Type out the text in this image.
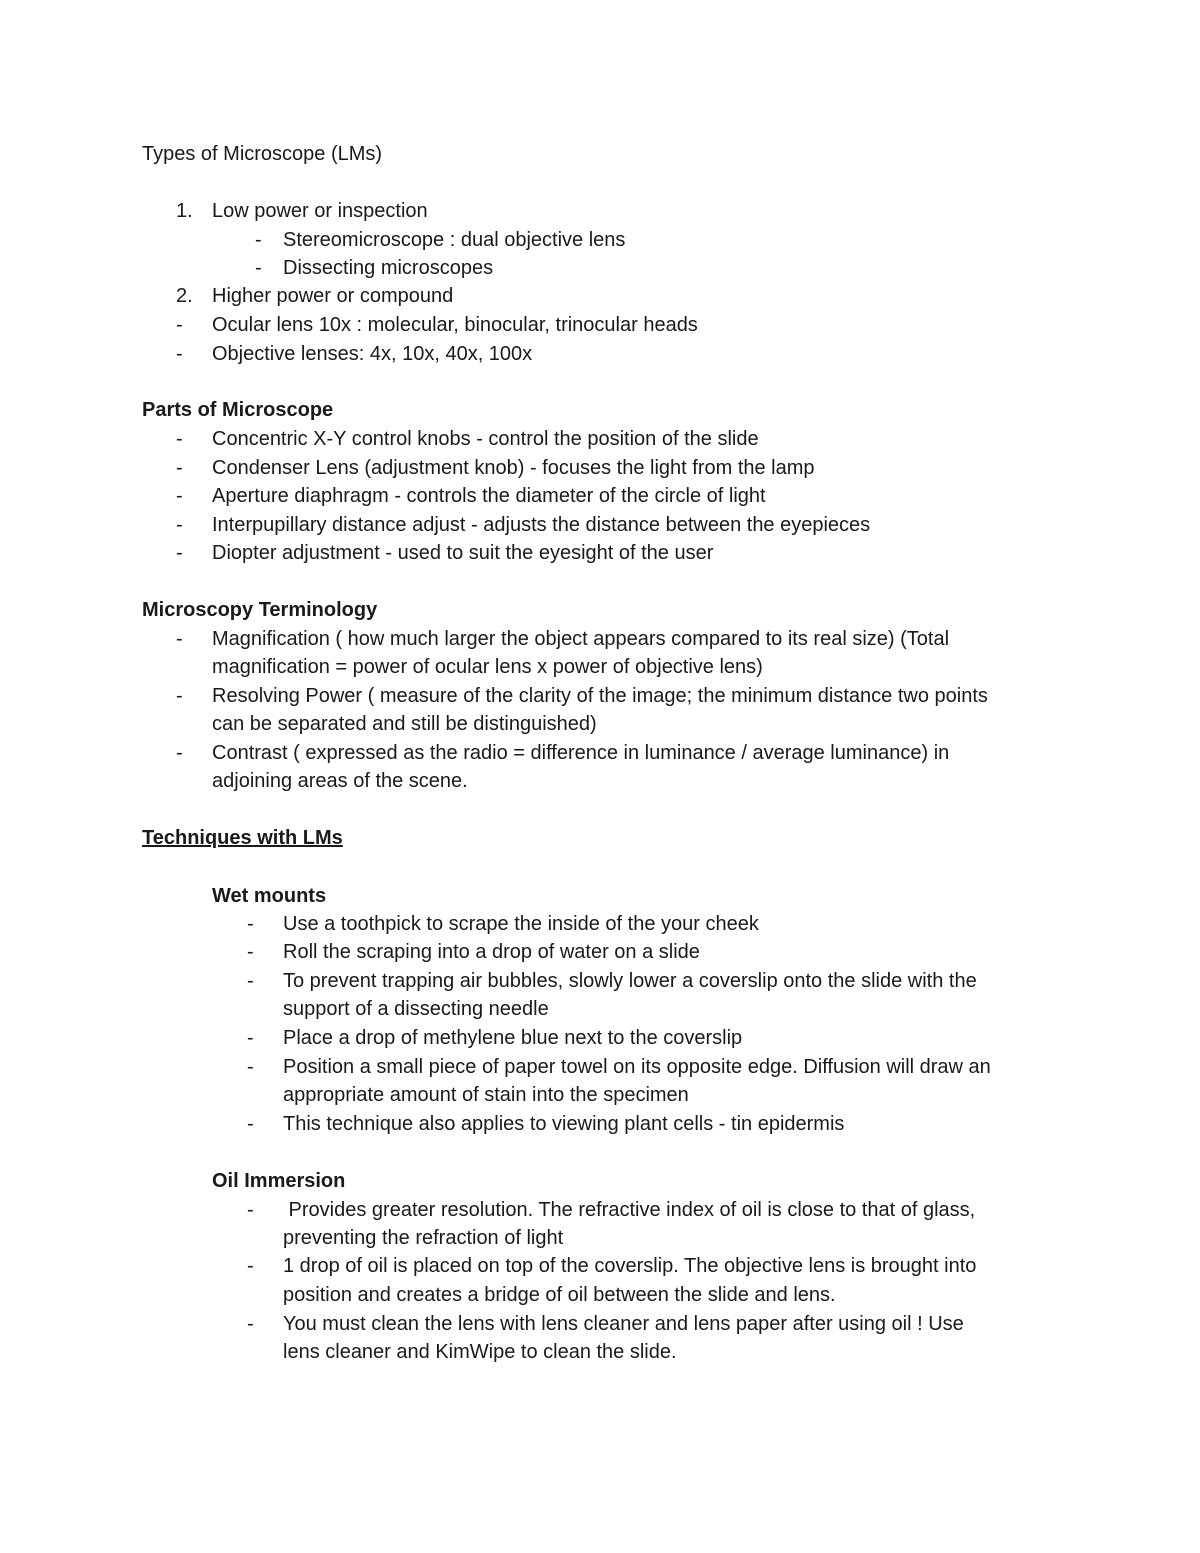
Types of Microscope (LMs)
1. Low power or inspection
- Stereomicroscope : dual objective lens
- Dissecting microscopes
2. Higher power or compound
- Ocular lens 10x : molecular, binocular, trinocular heads
- Objective lenses: 4x, 10x, 40x, 100x
Parts of Microscope
- Concentric X-Y control knobs - control the position of the slide
- Condenser Lens (adjustment knob) - focuses the light from the lamp
- Aperture diaphragm - controls the diameter of the circle of light
- Interpupillary distance adjust - adjusts the distance between the eyepieces
- Diopter adjustment - used to suit the eyesight of the user
Microscopy Terminology
- Magnification ( how much larger the object appears compared to its real size) (Total
magnification = power of ocular lens x power of objective lens)
- Resolving Power ( measure of the clarity of the image; the minimum distance two points
can be separated and still be distinguished)
- Contrast ( expressed as the radio = difference in luminance / average luminance) in
adjoining areas of the scene.
Techniques with LMs
Wet mounts
- Use a toothpick to scrape the inside of the your cheek
- Roll the scraping into a drop of water on a slide
- To prevent trapping air bubbles, slowly lower a coverslip onto the slide with the
support of a dissecting needle
- Place a drop of methylene blue next to the coverslip
- Position a small piece of paper towel on its opposite edge. Diffusion will draw an
appropriate amount of stain into the specimen
- This technique also applies to viewing plant cells - tin epidermis
Oil Immersion
- Provides greater resolution. The refractive index of oil is close to that of glass,
preventing the refraction of light
- 1 drop of oil is placed on top of the coverslip. The objective lens is brought into
position and creates a bridge of oil between the slide and lens.
- You must clean the lens with lens cleaner and lens paper after using oil ! Use
lens cleaner and KimWipe to clean the slide.
